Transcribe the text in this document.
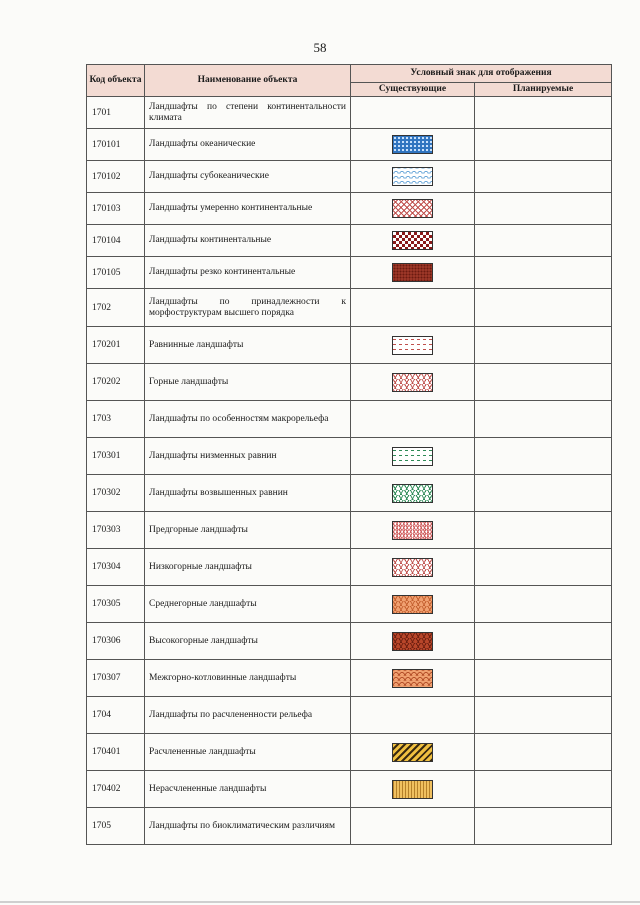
58
Код объекта	Наименование объекта	Условный знак для отображения	
		Существующие	Планируемые
1701	Ландшафты по степени континентальности климата		
170101	Ландшафты океанические	

170102	Ландшафты субокеанические	

170103	Ландшафты умеренно континентальные	

170104	Ландшафты континентальные	

170105	Ландшафты резко континентальные	

1702	Ландшафты по принадлежности к морфоструктурам высшего порядка		
170201	Равнинные ландшафты	

170202	Горные ландшафты	

1703	Ландшафты по особенностям макрорельефа		
170301	Ландшафты низменных равнин	

170302	Ландшафты возвышенных равнин	

170303	Предгорные ландшафты	

170304	Низкогорные ландшафты	

170305	Среднегорные ландшафты	

170306	Высокогорные ландшафты	

170307	Межгорно-котловинные ландшафты	

1704	Ландшафты по расчлененности рельефа		
170401	Расчлененные ландшафты	

170402	Нерасчлененные ландшафты	

1705	Ландшафты по биоклиматическим различиям		
